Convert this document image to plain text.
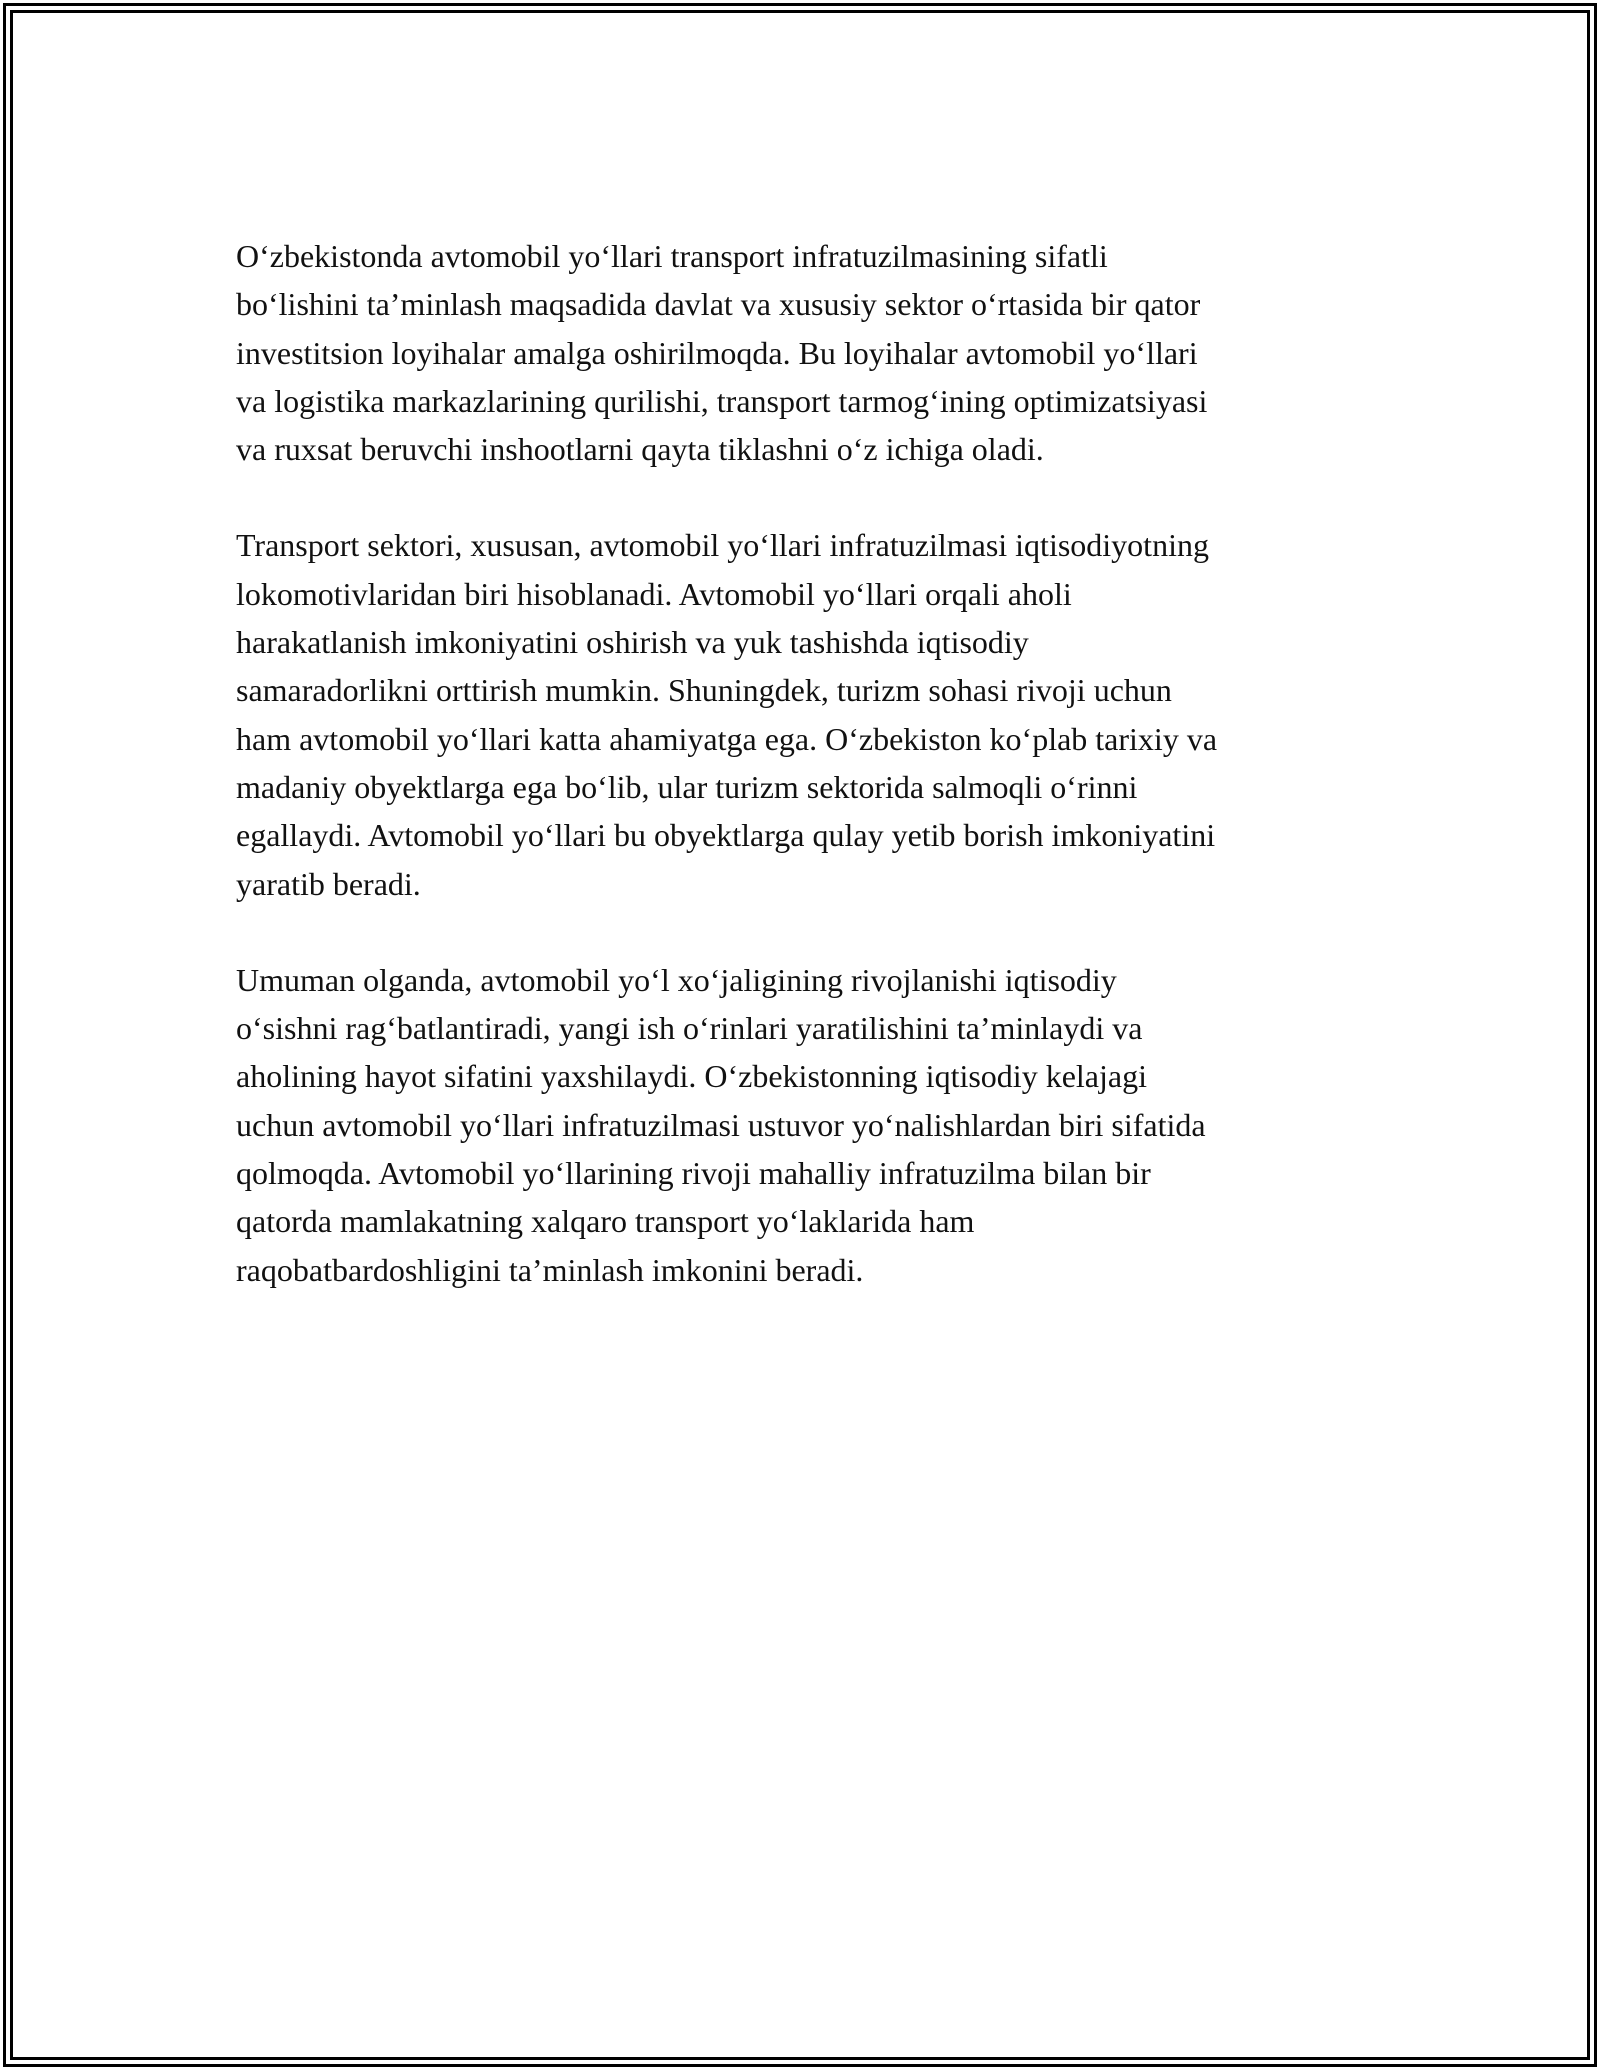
O‘zbekistonda avtomobil yo‘llari transport infratuzilmasining sifatli
bo‘lishini ta’minlash maqsadida davlat va xususiy sektor o‘rtasida bir qator
investitsion loyihalar amalga oshirilmoqda. Bu loyihalar avtomobil yo‘llari
va logistika markazlarining qurilishi, transport tarmog‘ining optimizatsiyasi
va ruxsat beruvchi inshootlarni qayta tiklashni o‘z ichiga oladi.

Transport sektori, xususan, avtomobil yo‘llari infratuzilmasi iqtisodiyotning
lokomotivlaridan biri hisoblanadi. Avtomobil yo‘llari orqali aholi
harakatlanish imkoniyatini oshirish va yuk tashishda iqtisodiy
samaradorlikni orttirish mumkin. Shuningdek, turizm sohasi rivoji uchun
ham avtomobil yo‘llari katta ahamiyatga ega. O‘zbekiston ko‘plab tarixiy va
madaniy obyektlarga ega bo‘lib, ular turizm sektorida salmoqli o‘rinni
egallaydi. Avtomobil yo‘llari bu obyektlarga qulay yetib borish imkoniyatini
yaratib beradi.

Umuman olganda, avtomobil yo‘l xo‘jaligining rivojlanishi iqtisodiy
o‘sishni rag‘batlantiradi, yangi ish o‘rinlari yaratilishini ta’minlaydi va
aholining hayot sifatini yaxshilaydi. O‘zbekistonning iqtisodiy kelajagi
uchun avtomobil yo‘llari infratuzilmasi ustuvor yo‘nalishlardan biri sifatida
qolmoqda. Avtomobil yo‘llarining rivoji mahalliy infratuzilma bilan bir
qatorda mamlakatning xalqaro transport yo‘laklarida ham
raqobatbardoshligini ta’minlash imkonini beradi.
